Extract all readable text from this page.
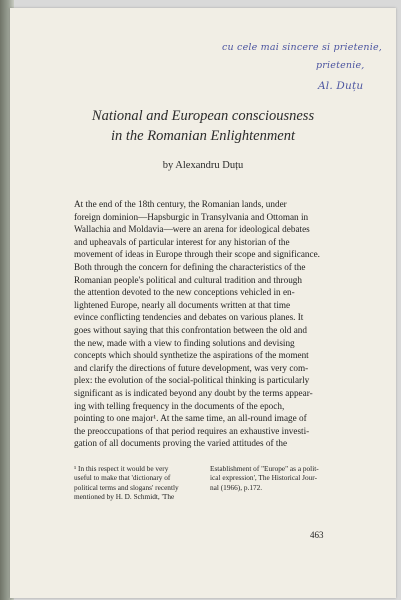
cu cele mai sincere si prietenie,
prietenie,
Al. Duțu
National and European consciousness
in the Romanian Enlightenment
by Alexandru Duțu
At the end of the 18th century, the Romanian lands, under
foreign dominion—Hapsburgic in Transylvania and Ottoman in
Wallachia and Moldavia—were an arena for ideological debates
and upheavals of particular interest for any historian of the
movement of ideas in Europe through their scope and significance.
Both through the concern for defining the characteristics of the
Romanian people's political and cultural tradition and through
the attention devoted to the new conceptions vehicled in en-
lightened Europe, nearly all documents written at that time
evince conflicting tendencies and debates on various planes. It
goes without saying that this confrontation between the old and
the new, made with a view to finding solutions and devising
concepts which should synthetize the aspirations of the moment
and clarify the directions of future development, was very com-
plex: the evolution of the social-political thinking is particularly
significant as is indicated beyond any doubt by the terms appear-
ing with telling frequency in the documents of the epoch,
pointing to one major¹. At the same time, an all-round image of
the preoccupations of that period requires an exhaustive investi-
gation of all documents proving the varied attitudes of the
¹ In this respect it would be very
useful to make that 'dictionary of
political terms and slogans' recently
mentioned by H. D. Schmidt, 'The
Establishment of "Europe" as a polit-
ical expression', The Historical Jour-
nal (1966), p.172.
463
